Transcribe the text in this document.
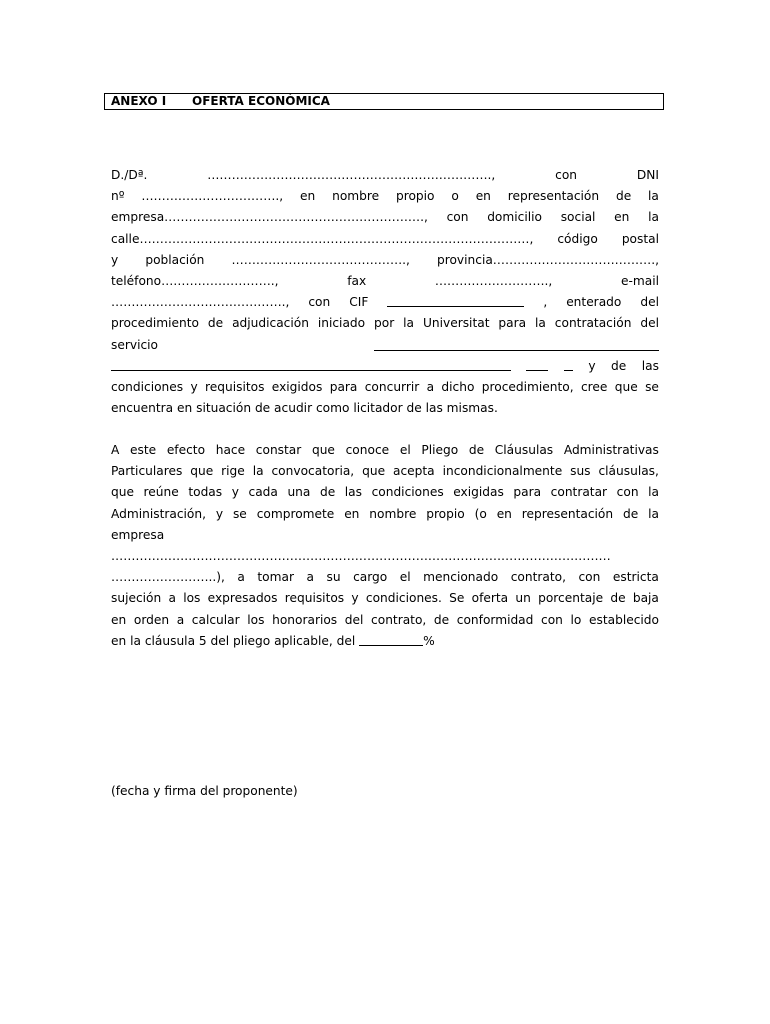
ANEXO I OFERTA ECONÓMICA
D./Dª.	…………………………………………………………….,	con	DNI
nº ……………………………., en nombre propio o en representación de la
empresa………………………………………………………., con domicilio social en la
calle……………………………………………………………………………………, código postal
y población ……………………………………., provincia………………………………….,
teléfono……………………….,	fax	……………………….,	e-mail
……………………………………., con CIF	, enterado del
procedimiento de adjudicación iniciado por la Universitat para la contratación del
servicio
y de las
condiciones y requisitos exigidos para concurrir a dicho procedimiento, cree que se
encuentra en situación de acudir como licitador de las mismas.
A este efecto hace constar que conoce el Pliego de Cláusulas Administrativas
Particulares que rige la convocatoria, que acepta incondicionalmente sus cláusulas,
que reúne todas y cada una de las condiciones exigidas para contratar con la
Administración, y se compromete en nombre propio (o en representación de la
empresa
……………………………………………………………………………………………………………
……………………..), a tomar a su cargo el mencionado contrato, con estricta
sujeción a los expresados requisitos y condiciones. Se oferta un porcentaje de baja
en orden a calcular los honorarios del contrato, de conformidad con lo establecido
en la cláusula 5 del pliego aplicable, del	%
(fecha y firma del proponente)
